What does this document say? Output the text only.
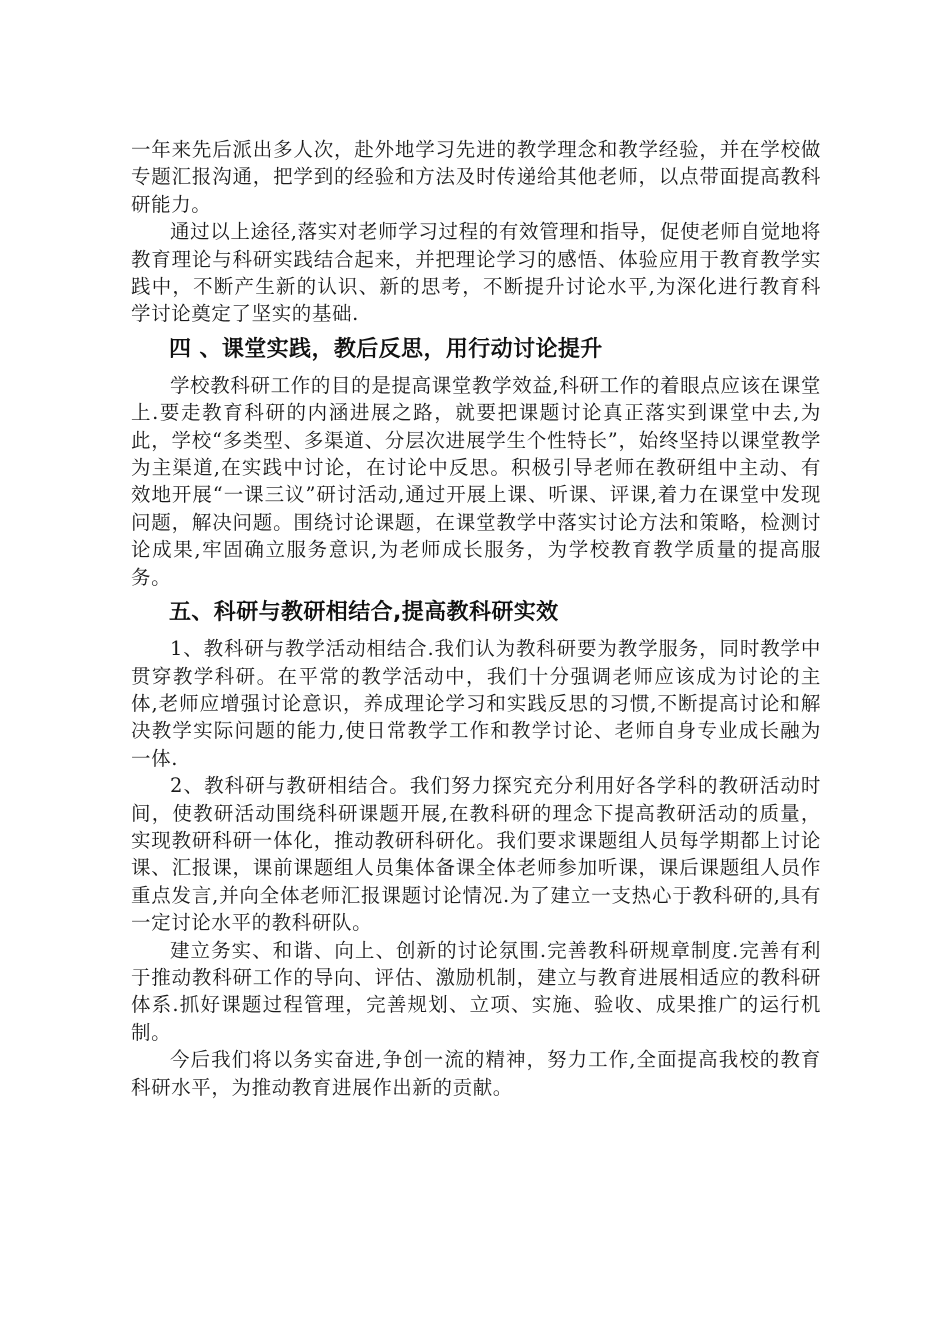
一年来先后派出多人次，赴外地学习先进的教学理念和教学经验，并在学校做专题汇报沟通，把学到的经验和方法及时传递给其他老师，以点带面提高教科研能力。

通过以上途径,落实对老师学习过程的有效管理和指导，促使老师自觉地将教育理论与科研实践结合起来，并把理论学习的感悟、体验应用于教育教学实践中，不断产生新的认识、新的思考，不断提升讨论水平,为深化进行教育科学讨论奠定了坚实的基础.

四 、课堂实践，教后反思，用行动讨论提升

学校教科研工作的目的是提高课堂教学效益,科研工作的着眼点应该在课堂上.要走教育科研的内涵进展之路，就要把课题讨论真正落实到课堂中去,为此，学校“多类型、多渠道、分层次进展学生个性特长”，始终坚持以课堂教学为主渠道,在实践中讨论，在讨论中反思。积极引导老师在教研组中主动、有效地开展“一课三议”研讨活动,通过开展上课、听课、评课,着力在课堂中发现问题，解决问题。围绕讨论课题，在课堂教学中落实讨论方法和策略，检测讨论成果,牢固确立服务意识,为老师成长服务，为学校教育教学质量的提高服务。

五、科研与教研相结合,提高教科研实效

1、教科研与教学活动相结合.我们认为教科研要为教学服务，同时教学中贯穿教学科研。在平常的教学活动中，我们十分强调老师应该成为讨论的主体,老师应增强讨论意识，养成理论学习和实践反思的习惯,不断提高讨论和解决教学实际问题的能力,使日常教学工作和教学讨论、老师自身专业成长融为一体.

2、教科研与教研相结合。我们努力探究充分利用好各学科的教研活动时间，使教研活动围绕科研课题开展,在教科研的理念下提高教研活动的质量，实现教研科研一体化，推动教研科研化。我们要求课题组人员每学期都上讨论课、汇报课，课前课题组人员集体备课全体老师参加听课，课后课题组人员作重点发言,并向全体老师汇报课题讨论情况.为了建立一支热心于教科研的,具有一定讨论水平的教科研队。

建立务实、和谐、向上、创新的讨论氛围.完善教科研规章制度.完善有利于推动教科研工作的导向、评估、激励机制，建立与教育进展相适应的教科研体系.抓好课题过程管理，完善规划、立项、实施、验收、成果推广的运行机制。

今后我们将以务实奋进,争创一流的精神，努力工作,全面提高我校的教育科研水平，为推动教育进展作出新的贡献。
